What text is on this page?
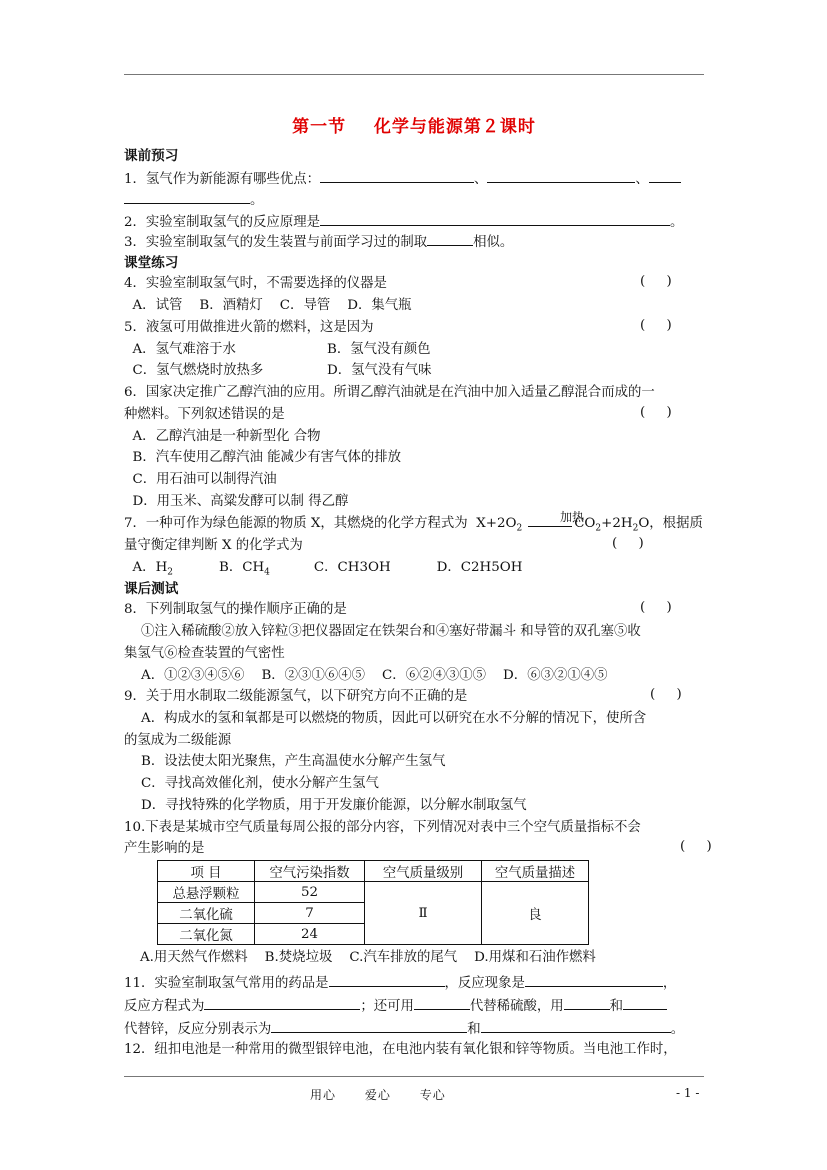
第一节    化学与能源第２课时
课前预习
1．氢气作为新能源有哪些优点：	、	、
。
2．实验室制取氢气的反应原理是	。
3．实验室制取氢气的发生装置与前面学习过的制取	相似。
课堂练习
4．实验室制取氢气时，不需要选择的仪器是	(     )
A．试管    B．酒精灯    C．导管    D．集气瓶
5．液氢可用做推进火箭的燃料，这是因为	(     )
A．氢气难溶于水	B．氢气没有颜色
C．氢气燃烧时放热多	D．氢气没有气味
6．国家决定推广乙醇汽油的应用。所谓乙醇汽油就是在汽油中加入适量乙醇混合而成的一
种燃料。下列叙述错误的是	(     )
A．乙醇汽油是一种新型化 合物
B．汽车使用乙醇汽油 能减少有害气体的排放
C．用石油可以制得汽油
D．用玉米、高粱发酵可以制 得乙醇
7．一种可作为绿色能源的物质 X，其燃烧的化学方程式为  $X+2O_2$	$CO_2+2H_2O$，根据质
加热
量守衡定律判断 X 的化学式为	(     )
A．$H_2$	B．$CH_4$	C．CH3OH	D．C2H5OH
课后测试
8．下列制取氢气的操作顺序正确的是	(     )
①注入稀硫酸②放入锌粒③把仪器固定在铁架台和④塞好带漏斗 和导管的双孔塞⑤收
集氢气⑥检查装置的气密性
A．①②③④⑤⑥    B．②③①⑥④⑤    C．⑥②④③①⑤    D．⑥③②①④⑤
9．关于用水制取二级能源氢气，以下研究方向不正确的是	(     )
A．构成水的氢和氧都是可以燃烧的物质，因此可以研究在水不分解的情况下，使所含
的氢成为二级能源
B．设法使太阳光聚焦，产生高温使水分解产生氢气
C．寻找高效催化剂，使水分解产生氢气
D．寻找特殊的化学物质，用于开发廉价能源，以分解水制取氢气
10.下表是某城市空气质量每周公报的部分内容，下列情况对表中三个空气质量指标不会
产生影响的是	(     )
项 目	空气污染指数	空气质量级别	空气质量描述
总悬浮颗粒	52	Ⅱ	良
二氧化硫	7		
二氧化氮	24		
A.用天然气作燃料    B.焚烧垃圾    C.汽车排放的尾气    D.用煤和石油作燃料
11．实验室制取氢气常用的药品是	，反应现象是	，
反应方程式为	；还可用	代替稀硫酸，用	和
代替锌，反应分别表示为	和	。
12．纽扣电池是一种常用的微型银锌电池，在电池内装有氧化银和锌等物质。当电池工作时，
用心      爱心      专心	- 1 -
